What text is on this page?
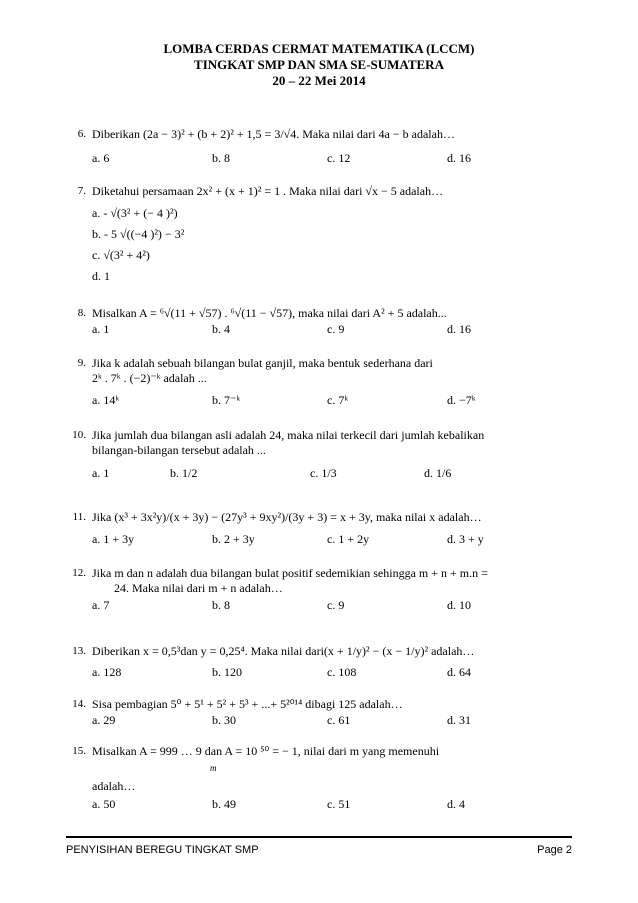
LOMBA CERDAS CERMAT MATEMATIKA (LCCM)
TINGKAT SMP DAN SMA SE-SUMATERA
20 – 22 Mei 2014
6. Diberikan (2a − 3)² + (b + 2)² + 1,5 = 3/√4. Maka nilai dari 4a − b adalah…
a. 6	b. 8	c. 12	d. 16
7. Diketahui persamaan 2x² + (x + 1)² = 1 . Maka nilai dari √x − 5 adalah…
a. - √(3² + (− 4 )²)
b. - 5 √((−4 )²) − 3²
c. √(3² + 4²)
d. 1
8. Misalkan A = ⁶√(11 + √57) . ⁶√(11 − √57), maka nilai dari A² + 5 adalah...
a. 1	b. 4	c. 9	d. 16
9. Jika k adalah sebuah bilangan bulat ganjil, maka bentuk sederhana dari
2ᵏ . 7ᵏ . (−2)⁻ᵏ adalah ...
a. 14ᵏ	b. 7⁻ᵏ	c. 7ᵏ	d. −7ᵏ
10. Jika jumlah dua bilangan asli adalah 24, maka nilai terkecil dari jumlah kebalikan
bilangan-bilangan tersebut adalah ...
a. 1	b. 1/2	c. 1/3	d. 1/6
11. Jika (x³ + 3x²y)/(x + 3y) − (27y³ + 9xy²)/(3y + 3) = x + 3y, maka nilai x adalah…
a. 1 + 3y	b. 2 + 3y	c. 1 + 2y	d. 3 + y
12. Jika m dan n adalah dua bilangan bulat positif sedemikian sehingga m + n + m.n =
24. Maka nilai dari m + n adalah…
a. 7	b. 8	c. 9	d. 10
13. Diberikan x = 0,5³dan y = 0,25⁴. Maka nilai dari(x + 1/y)² − (x − 1/y)² adalah…
a. 128	b. 120	c. 108	d. 64
14. Sisa pembagian 5⁰ + 5¹ + 5² + 5³ + ...+ 5²⁰¹⁴ dibagi 125 adalah…
a. 29	b. 30	c. 61	d. 31
15. Misalkan A = 999 … 9 dan A = 10 ⁵⁰ = − 1, nilai dari m yang memenuhi
m
adalah…
a. 50	b. 49	c. 51	d. 4
PENYISIHAN BEREGU TINGKAT SMP	Page 2
